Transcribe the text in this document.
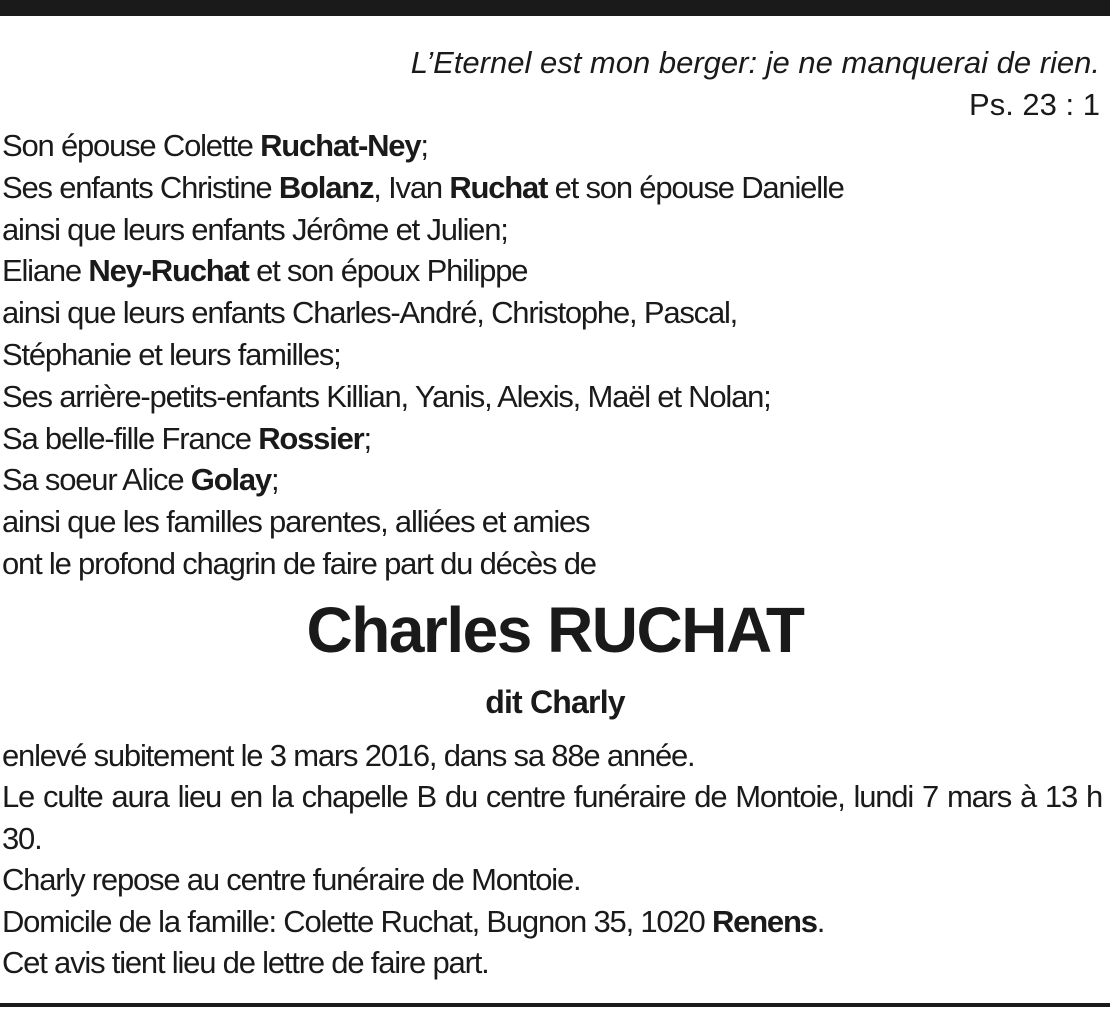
L’Eternel est mon berger: je ne manquerai de rien.
Ps. 23 : 1
Son épouse Colette Ruchat-Ney;
Ses enfants Christine Bolanz, Ivan Ruchat et son épouse Danielle
ainsi que leurs enfants Jérôme et Julien;
Eliane Ney-Ruchat et son époux Philippe
ainsi que leurs enfants Charles-André, Christophe, Pascal,
Stéphanie et leurs familles;
Ses arrière-petits-enfants Killian, Yanis, Alexis, Maël et Nolan;
Sa belle-fille France Rossier;
Sa soeur Alice Golay;
ainsi que les familles parentes, alliées et amies
ont le profond chagrin de faire part du décès de
Charles RUCHAT
dit Charly
enlevé subitement le 3 mars 2016, dans sa 88e année.
Le culte aura lieu en la chapelle B du centre funéraire de Montoie, lundi 7 mars à 13 h 30.
Charly repose au centre funéraire de Montoie.
Domicile de la famille: Colette Ruchat, Bugnon 35, 1020 Renens.
Cet avis tient lieu de lettre de faire part.
